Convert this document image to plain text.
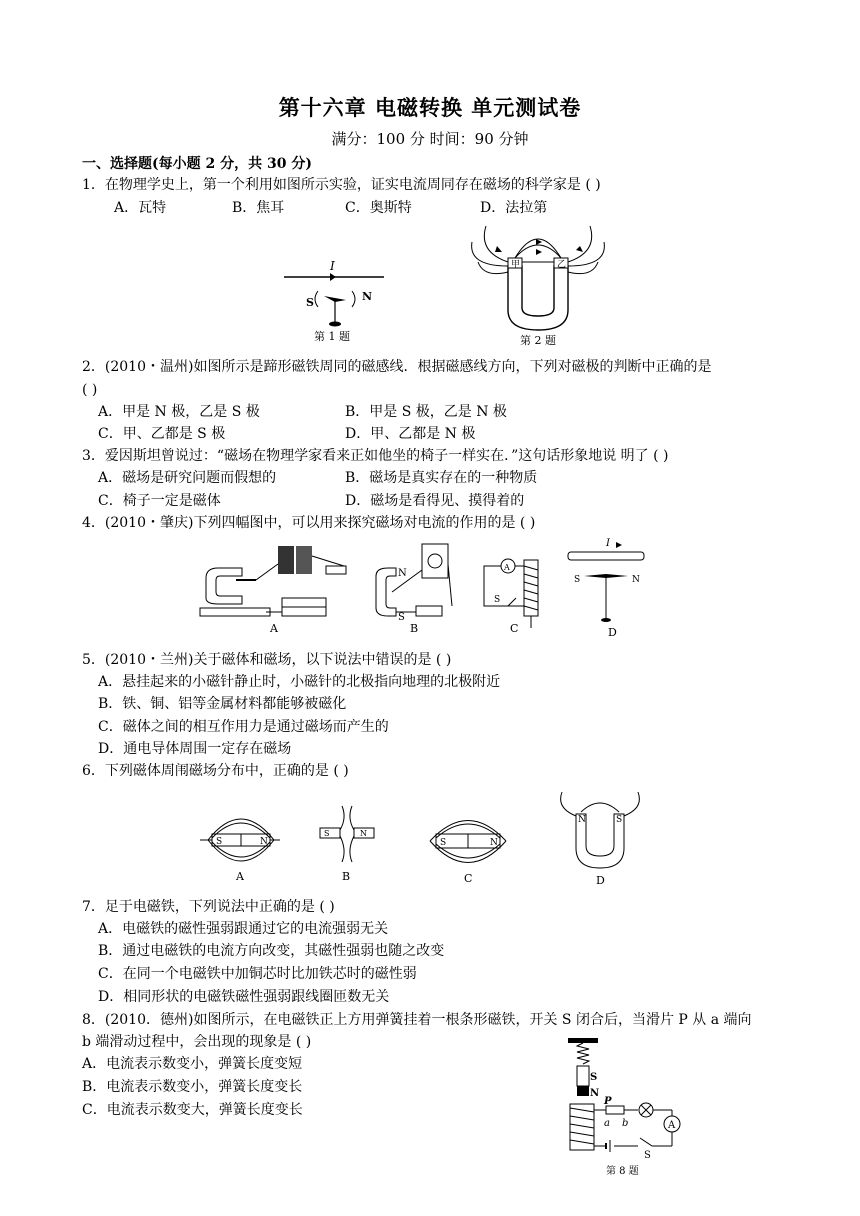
第十六章 电磁转换 单元测试卷
满分：100 分 时间：90 分钟
一、选择题(每小题 2 分，共 30 分)
1．在物理学史上，第一个利用如图所示实验，证实电流周同存在磁场的科学家是 ( )
A．瓦特	B．焦耳	C．奥斯特	D．法拉第
I
S	N
第 1 题
甲	乙
第 2 题
2．(2010・温州)如图所示是蹄形磁铁周同的磁感线．根据磁感线方向，下列对磁极的判断中正确的是
( )
A．甲是 N 极，乙是 S 极	B．甲是 S 极，乙是 N 极
C．甲、乙都是 S 极	D．甲、乙都是 N 极
3．爱因斯坦曾说过：“磁场在物理学家看来正如他坐的椅子一样实在．”这句话形象地说 明了 ( )
A．磁场是研究问题而假想的	B．磁场是真实存在的一种物质
C．椅子一定是磁体	D．磁场是看得见、摸得着的
4．(2010・肇庆)下列四幅图中，可以用来探究磁场对电流的作用的是 ( )
A
N
S
B
A
S
C
I
S	N
D
5．(2010・兰州)关于磁体和磁场，以下说法中错误的是 ( )
A．悬挂起来的小磁针静止时，小磁针的北极指向地理的北极附近
B．铁、铜、铝等金属材料都能够被磁化
C．磁体之间的相互作用力是通过磁场而产生的
D．通电导体周围一定存在磁场
6．下列磁体周闱磁场分布中，正确的是 ( )
S	N
A
S	N
B
S	N
C
N	S
D
7．足于电磁铁，下列说法中正确的是 ( )
A．电磁铁的磁性强弱跟通过它的电流强弱无关
B．通过电磁铁的电流方向改变，其磁性强弱也随之改变
C．在同一个电磁铁中加铜芯时比加铁芯时的磁性弱
D．相同形状的电磁铁磁性强弱跟线圈匝数无关
8．(2010．德州)如图所示，在电磁铁正上方用弹簧挂着一根条形磁铁，开关 S 闭合后，当滑片 P 从 a 端向
b 端滑动过程中，会出现的现象是 ( )
A．电流表示数变小，弹簧长度变短
B．电流表示数变小，弹簧长度变长
C．电流表示数变大，弹簧长度变长
S
N
P
a b	A
S
第 8 题
